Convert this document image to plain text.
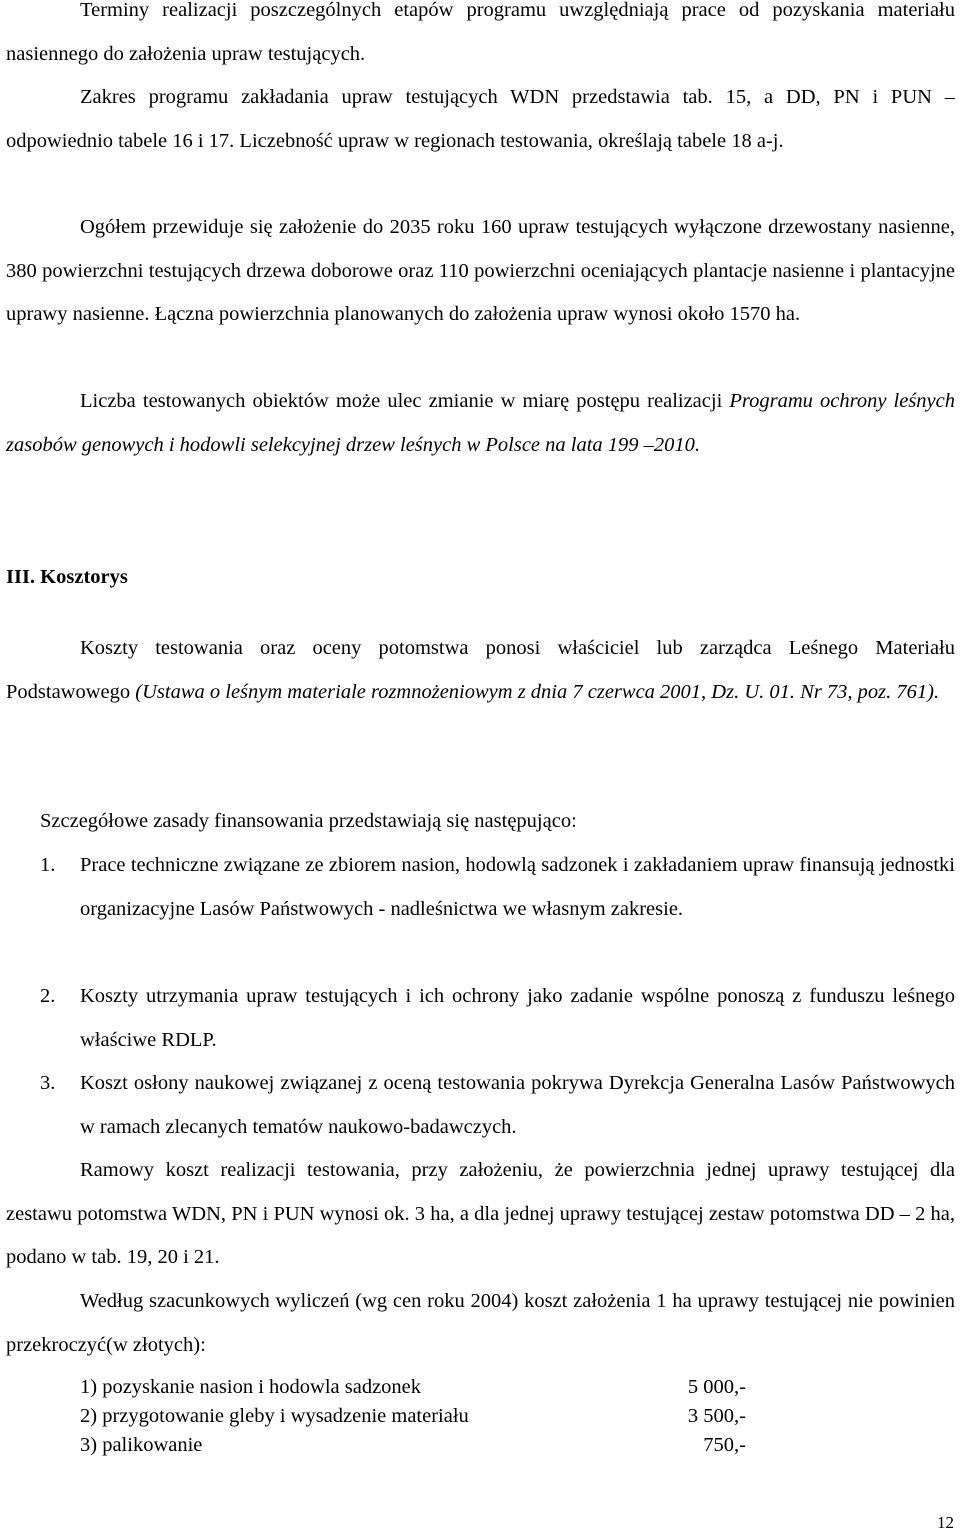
Terminy realizacji poszczególnych etapów programu uwzględniają prace od pozyskania materiału nasiennego do założenia upraw testujących.

Zakres programu zakładania upraw testujących WDN przedstawia tab. 15, a DD, PN i PUN – odpowiednio tabele 16 i 17. Liczebność upraw w regionach testowania, określają tabele 18 a-j.

Ogółem przewiduje się założenie do 2035 roku 160 upraw testujących wyłączone drzewostany nasienne, 380 powierzchni testujących drzewa doborowe oraz 110 powierzchni oceniających plantacje nasienne i plantacyjne uprawy nasienne. Łączna powierzchnia planowanych do założenia upraw wynosi około 1570 ha.

Liczba testowanych obiektów może ulec zmianie w miarę postępu realizacji Programu ochrony leśnych zasobów genowych i hodowli selekcyjnej drzew leśnych w Polsce na lata 199 –2010.

III. Kosztorys

Koszty testowania oraz oceny potomstwa ponosi właściciel lub zarządca Leśnego Materiału Podstawowego (Ustawa o leśnym materiale rozmnożeniowym z dnia 7 czerwca 2001, Dz. U. 01. Nr 73, poz. 761).

Szczegółowe zasady finansowania przedstawiają się następująco:

1. Prace techniczne związane ze zbiorem nasion, hodowlą sadzonek i zakładaniem upraw finansują jednostki organizacyjne Lasów Państwowych - nadleśnictwa we własnym zakresie.

2. Koszty utrzymania upraw testujących i ich ochrony jako zadanie wspólne ponoszą z funduszu leśnego właściwe RDLP.

3. Koszt osłony naukowej związanej z oceną testowania pokrywa Dyrekcja Generalna Lasów Państwowych w ramach zlecanych tematów naukowo-badawczych.

Ramowy koszt realizacji testowania, przy założeniu, że powierzchnia jednej uprawy testującej dla zestawu potomstwa WDN, PN i PUN wynosi ok. 3 ha, a dla jednej uprawy testującej zestaw potomstwa DD – 2 ha, podano w tab. 19, 20 i 21.

Według szacunkowych wyliczeń (wg cen roku 2004) koszt założenia 1 ha uprawy testującej nie powinien przekroczyć(w złotych):

1) pozyskanie nasion i hodowla sadzonek	5 000,-
2) przygotowanie gleby i wysadzenie materiału	3 500,-
3) palikowanie	750,-
12
